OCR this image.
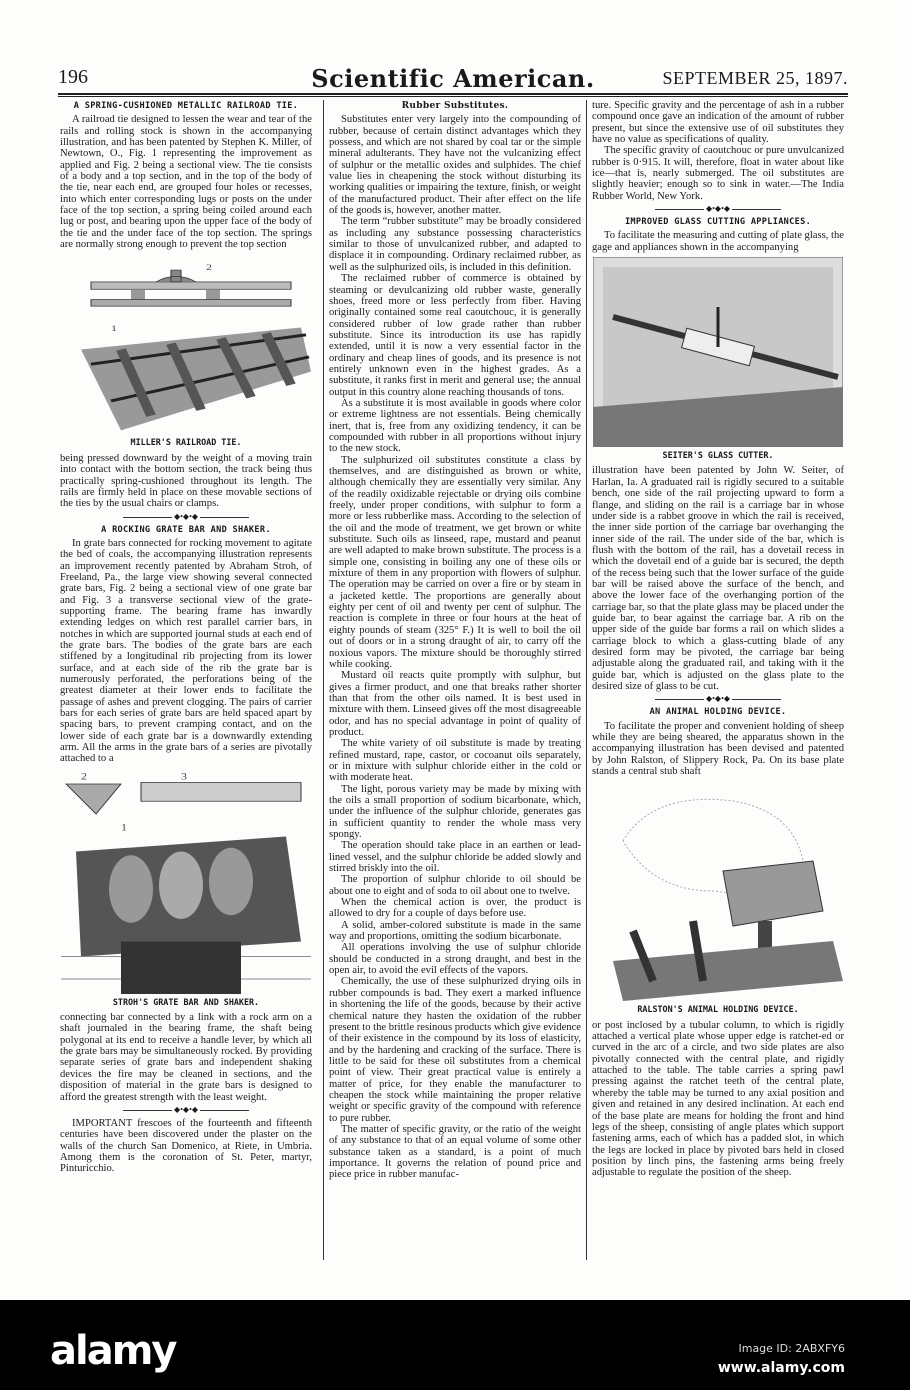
196	Scientific American.	SEPTEMBER 25, 1897.
A SPRING-CUSHIONED METALLIC RAILROAD TIE.

A railroad tie designed to lessen the wear and tear of the rails and rolling stock is shown in the accompanying illustration, and has been patented by Stephen K. Miller, of Newtown, O., Fig. 1 representing the improvement as applied and Fig. 2 being a sectional view. The tie consists of a body and a top section, and in the top of the body of the tie, near each end, are grouped four holes or recesses, into which enter corresponding lugs or posts on the under face of the top section, a spring being coiled around each lug or post, and bearing upon the upper face of the body of the tie and the under face of the top section. The springs are normally strong enough to prevent the top section

2
1
MILLER'S RAILROAD TIE.

being pressed downward by the weight of a moving train into contact with the bottom section, the track being thus practically spring-cushioned throughout its length. The rails are firmly held in place on these movable sections of the ties by the usual chairs or clamps.

◆•◆•◆
A ROCKING GRATE BAR AND SHAKER.

In grate bars connected for rocking movement to agitate the bed of coals, the accompanying illustration represents an improvement recently patented by Abraham Stroh, of Freeland, Pa., the large view showing several connected grate bars, Fig. 2 being a sectional view of one grate bar and Fig. 3 a transverse sectional view of the grate-supporting frame. The bearing frame has inwardly extending ledges on which rest parallel carrier bars, in notches in which are supported journal studs at each end of the grate bars. The bodies of the grate bars are each stiffened by a longitudinal rib projecting from its lower surface, and at each side of the rib the grate bar is numerously perforated, the perforations being of the greatest diameter at their lower ends to facilitate the passage of ashes and prevent clogging. The pairs of carrier bars for each series of grate bars are held spaced apart by spacing bars, to prevent cramping contact, and on the lower side of each grate bar is a downwardly extending arm. All the arms in the grate bars of a series are pivotally attached to a

2	3
1
STROH'S GRATE BAR AND SHAKER.

connecting bar connected by a link with a rock arm on a shaft journaled in the bearing frame, the shaft being polygonal at its end to receive a handle lever, by which all the grate bars may be simultaneously rocked. By providing separate series of grate bars and independent shaking devices the fire may be cleaned in sections, and the disposition of material in the grate bars is designed to afford the greatest strength with the least weight.

◆•◆•◆

IMPORTANT frescoes of the fourteenth and fifteenth centuries have been discovered under the plaster on the walls of the church San Domenico, at Riete, in Umbria. Among them is the coronation of St. Peter, martyr, Pinturicchio.

Rubber Substitutes.

Substitutes enter very largely into the compounding of rubber, because of certain distinct advantages which they possess, and which are not shared by coal tar or the simple mineral adulterants. They have not the vulcanizing effect of sulphur or the metallic oxides and sulphides. The chief value lies in cheapening the stock without disturbing its working qualities or impairing the texture, finish, or weight of the manufactured product. Their after effect on the life of the goods is, however, another matter.

The term “rubber substitute” may be broadly considered as including any substance possessing characteristics similar to those of unvulcanized rubber, and adapted to displace it in compounding. Ordinary reclaimed rubber, as well as the sulphurized oils, is included in this definition.

The reclaimed rubber of commerce is obtained by steaming or devulcanizing old rubber waste, generally shoes, freed more or less perfectly from fiber. Having originally contained some real caoutchouc, it is generally considered rubber of low grade rather than rubber substitute. Since its introduction its use has rapidly extended, until it is now a very essential factor in the ordinary and cheap lines of goods, and its presence is not entirely unknown even in the highest grades. As a substitute, it ranks first in merit and general use; the annual output in this country alone reaching thousands of tons.

As a substitute it is most available in goods where color or extreme lightness are not essentials. Being chemically inert, that is, free from any oxidizing tendency, it can be compounded with rubber in all proportions without injury to the new stock.

The sulphurized oil substitutes constitute a class by themselves, and are distinguished as brown or white, although chemically they are essentially very similar. Any of the readily oxidizable rejectable or drying oils combine freely, under proper conditions, with sulphur to form a more or less rubberlike mass. According to the selection of the oil and the mode of treatment, we get brown or white substitute. Such oils as linseed, rape, mustard and peanut are well adapted to make brown substitute. The process is a simple one, consisting in boiling any one of these oils or mixture of them in any proportion with flowers of sulphur. The operation may be carried on over a fire or by steam in a jacketed kettle. The proportions are generally about eighty per cent of oil and twenty per cent of sulphur. The reaction is complete in three or four hours at the heat of eighty pounds of steam (325° F.) It is well to boil the oil out of doors or in a strong draught of air, to carry off the noxious vapors. The mixture should be thoroughly stirred while cooking.

Mustard oil reacts quite promptly with sulphur, but gives a firmer product, and one that breaks rather shorter than that from the other oils named. It is best used in mixture with them. Linseed gives off the most disagreeable odor, and has no special advantage in point of quality of product.

The white variety of oil substitute is made by treating refined mustard, rape, castor, or cocoanut oils separately, or in mixture with sulphur chloride either in the cold or with moderate heat.

The light, porous variety may be made by mixing with the oils a small proportion of sodium bicarbonate, which, under the influence of the sulphur chloride, generates gas in sufficient quantity to render the whole mass very spongy.

The operation should take place in an earthen or lead-lined vessel, and the sulphur chloride be added slowly and stirred briskly into the oil.

The proportion of sulphur chloride to oil should be about one to eight and of soda to oil about one to twelve.

When the chemical action is over, the product is allowed to dry for a couple of days before use.

A solid, amber-colored substitute is made in the same way and proportions, omitting the sodium bicarbonate.

All operations involving the use of sulphur chloride should be conducted in a strong draught, and best in the open air, to avoid the evil effects of the vapors.

Chemically, the use of these sulphurized drying oils in rubber compounds is bad. They exert a marked influence in shortening the life of the goods, because by their active chemical nature they hasten the oxidation of the rubber present to the brittle resinous products which give evidence of their existence in the compound by its loss of elasticity, and by the hardening and cracking of the surface. There is little to be said for these oil substitutes from a chemical point of view. Their great practical value is entirely a matter of price, for they enable the manufacturer to cheapen the stock while maintaining the proper relative weight or specific gravity of the compound with reference to pure rubber.

The matter of specific gravity, or the ratio of the weight of any substance to that of an equal volume of some other substance taken as a standard, is a point of much importance. It governs the relation of pound price and piece price in rubber manufac-

ture. Specific gravity and the percentage of ash in a rubber compound once gave an indication of the amount of rubber present, but since the extensive use of oil substitutes they have no value as specifications of quality.

The specific gravity of caoutchouc or pure unvulcanized rubber is 0·915. It will, therefore, float in water about like ice—that is, nearly submerged. The oil substitutes are slightly heavier; enough so to sink in water.—The India Rubber World, New York.

◆•◆•◆
IMPROVED GLASS CUTTING APPLIANCES.

To facilitate the measuring and cutting of plate glass, the gage and appliances shown in the accompanying

SEITER'S GLASS CUTTER.

illustration have been patented by John W. Seiter, of Harlan, Ia. A graduated rail is rigidly secured to a suitable bench, one side of the rail projecting upward to form a flange, and sliding on the rail is a carriage bar in whose under side is a rabbet groove in which the rail is received, the inner side portion of the carriage bar overhanging the inner side of the rail. The under side of the bar, which is flush with the bottom of the rail, has a dovetail recess in which the dovetail end of a guide bar is secured, the depth of the recess being such that the lower surface of the guide bar will be raised above the surface of the bench, and above the lower face of the overhanging portion of the carriage bar, so that the plate glass may be placed under the guide bar, to bear against the carriage bar. A rib on the upper side of the guide bar forms a rail on which slides a carriage block to which a glass-cutting blade of any desired form may be pivoted, the carriage bar being adjustable along the graduated rail, and taking with it the guide bar, which is adjusted on the glass plate to the desired size of glass to be cut.

◆•◆•◆
AN ANIMAL HOLDING DEVICE.

To facilitate the proper and convenient holding of sheep while they are being sheared, the apparatus shown in the accompanying illustration has been devised and patented by John Ralston, of Slippery Rock, Pa. On its base plate stands a central stub shaft

RALSTON'S ANIMAL HOLDING DEVICE.

or post inclosed by a tubular column, to which is rigidly attached a vertical plate whose upper edge is ratchet-ed or curved in the arc of a circle, and two side plates are also pivotally connected with the central plate, and rigidly attached to the table. The table carries a spring pawl pressing against the ratchet teeth of the central plate, whereby the table may be turned to any axial position and given and retained in any desired inclination. At each end of the base plate are means for holding the front and hind legs of the sheep, consisting of angle plates which support fastening arms, each of which has a padded slot, in which the legs are locked in place by pivoted bars held in closed position by linch pins, the fastening arms being freely adjustable to regulate the position of the sheep.

alamy	Image ID: 2ABXFY6
www.alamy.com
